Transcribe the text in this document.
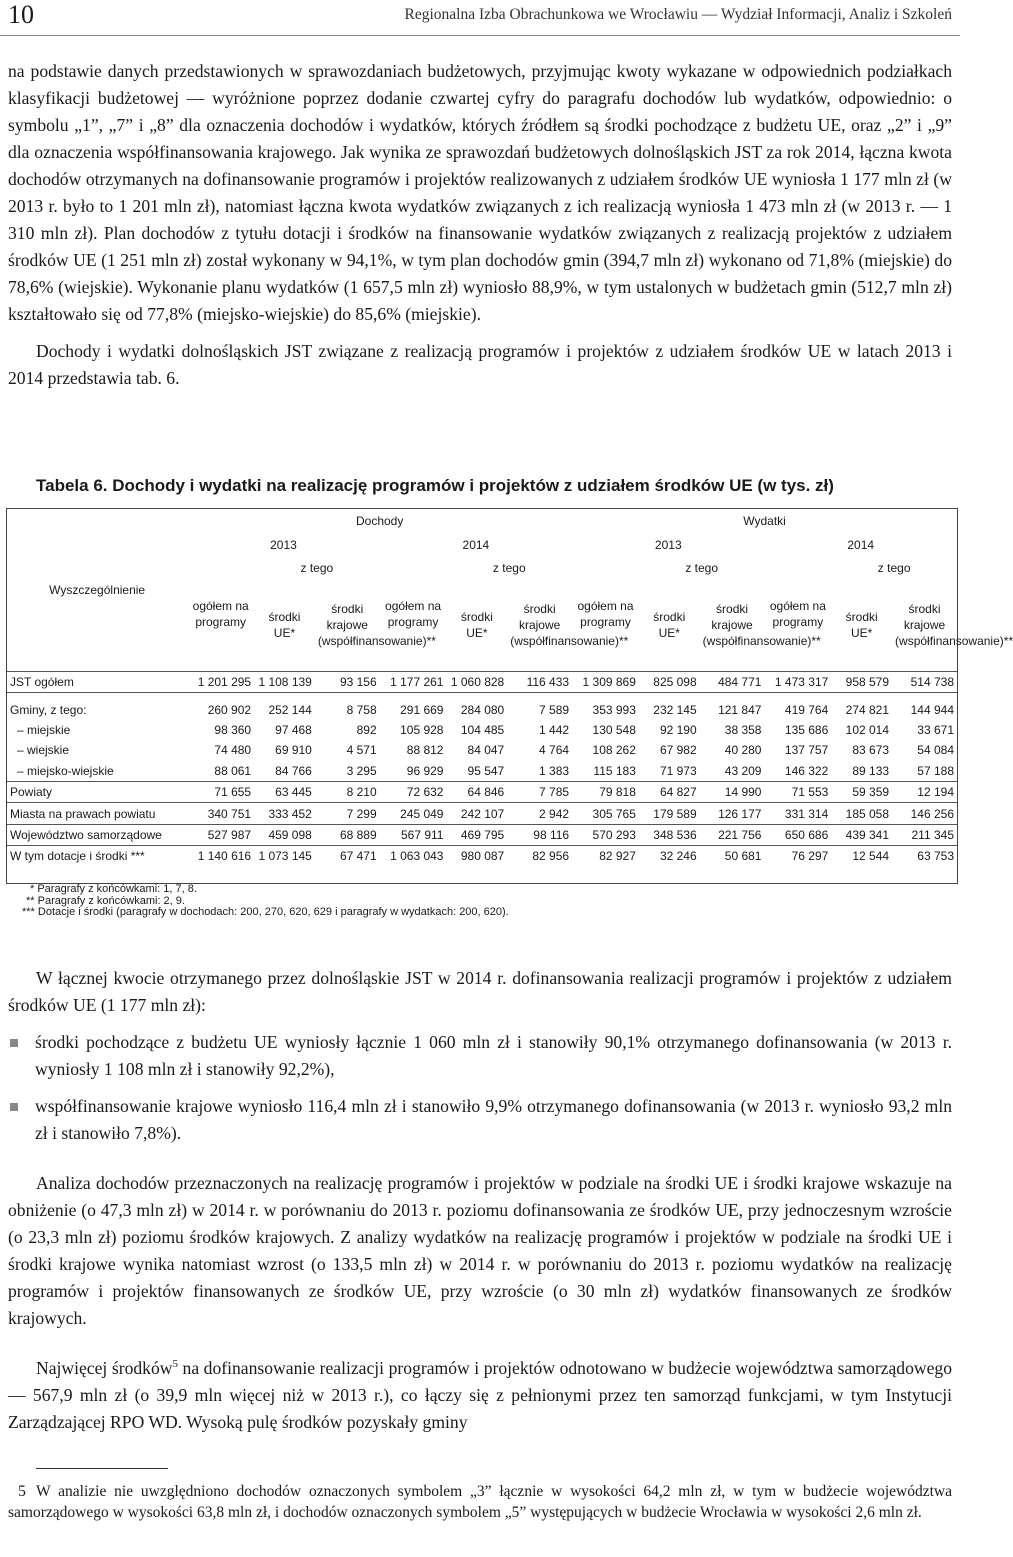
10	Regionalna Izba Obrachunkowa we Wrocławiu — Wydział Informacji, Analiz i Szkoleń

na podstawie danych przedstawionych w sprawozdaniach budżetowych, przyjmując kwoty wykazane w odpowiednich podziałkach klasyfikacji budżetowej — wyróżnione poprzez dodanie czwartej cyfry do paragrafu dochodów lub wydatków, odpowiednio: o symbolu „1”, „7” i „8” dla oznaczenia dochodów i wydatków, których źródłem są środki pochodzące z budżetu UE, oraz „2” i „9” dla oznaczenia współfinansowania krajowego. Jak wynika ze sprawozdań budżetowych dolnośląskich JST za rok 2014, łączna kwota dochodów otrzymanych na dofinansowanie programów i projektów realizowanych z udziałem środków UE wyniosła 1 177 mln zł (w 2013 r. było to 1 201 mln zł), natomiast łączna kwota wydatków związanych z ich realizacją wyniosła 1 473 mln zł (w 2013 r. — 1 310 mln zł). Plan dochodów z tytułu dotacji i środków na finansowanie wydatków związanych z realizacją projektów z udziałem środków UE (1 251 mln zł) został wykonany w 94,1%, w tym plan dochodów gmin (394,7 mln zł) wykonano od 71,8% (miejskie) do 78,6% (wiejskie). Wykonanie planu wydatków (1 657,5 mln zł) wyniosło 88,9%, w tym ustalonych w budżetach gmin (512,7 mln zł) kształtowało się od 77,8% (miejsko-wiejskie) do 85,6% (miejskie).

Dochody i wydatki dolnośląskich JST związane z realizacją programów i projektów z udziałem środków UE w latach 2013 i 2014 przedstawia tab. 6.

Tabela 6. Dochody i wydatki na realizację programów i projektów z udziałem środków UE (w tys. zł)
Wyszczególnienie	Dochody						Wydatki					
	2013			2014			2013			2014		
	ogółem na programy	z tego		ogółem na programy	z tego		ogółem na programy	z tego		ogółem na programy	z tego	
		środki UE*	środki krajowe (współfinansowanie)**		środki UE*	środki krajowe (współfinansowanie)**		środki UE*	środki krajowe (współfinansowanie)**		środki UE*	środki krajowe (współfinansowanie)**
JST ogółem	1 201 295	1 108 139	93 156	1 177 261	1 060 828	116 433	1 309 869	825 098	484 771	1 473 317	958 579	514 738

Gminy, z tego:	260 902	252 144	8 758	291 669	284 080	7 589	353 993	232 145	121 847	419 764	274 821	144 944
– miejskie	98 360	97 468	892	105 928	104 485	1 442	130 548	92 190	38 358	135 686	102 014	33 671
– wiejskie	74 480	69 910	4 571	88 812	84 047	4 764	108 262	67 982	40 280	137 757	83 673	54 084
– miejsko-wiejskie	88 061	84 766	3 295	96 929	95 547	1 383	115 183	71 973	43 209	146 322	89 133	57 188
Powiaty	71 655	63 445	8 210	72 632	64 846	7 785	79 818	64 827	14 990	71 553	59 359	12 194
Miasta na prawach powiatu	340 751	333 452	7 299	245 049	242 107	2 942	305 765	179 589	126 177	331 314	185 058	146 256
Województwo samorządowe	527 987	459 098	68 889	567 911	469 795	98 116	570 293	348 536	221 756	650 686	439 341	211 345
W tym dotacje i środki ***	1 140 616	1 073 145	67 471	1 063 043	980 087	82 956	82 927	32 246	50 681	76 297	12 544	63 753
* Paragrafy z końcówkami: 1, 7, 8.
** Paragrafy z końcówkami: 2, 9.
*** Dotacje i środki (paragrafy w dochodach: 200, 270, 620, 629 i paragrafy w wydatkach: 200, 620).

W łącznej kwocie otrzymanego przez dolnośląskie JST w 2014 r. dofinansowania realizacji programów i projektów z udziałem środków UE (1 177 mln zł):

środki pochodzące z budżetu UE wyniosły łącznie 1 060 mln zł i stanowiły 90,1% otrzymanego dofinansowania (w 2013 r. wyniosły 1 108 mln zł i stanowiły 92,2%),
współfinansowanie krajowe wyniosło 116,4 mln zł i stanowiło 9,9% otrzymanego dofinansowania (w 2013 r. wyniosło 93,2 mln zł i stanowiło 7,8%).

Analiza dochodów przeznaczonych na realizację programów i projektów w podziale na środki UE i środki krajowe wskazuje na obniżenie (o 47,3 mln zł) w 2014 r. w porównaniu do 2013 r. poziomu dofinansowania ze środków UE, przy jednoczesnym wzroście (o 23,3 mln zł) poziomu środków krajowych. Z analizy wydatków na realizację programów i projektów w podziale na środki UE i środki krajowe wynika natomiast wzrost (o 133,5 mln zł) w 2014 r. w porównaniu do 2013 r. poziomu wydatków na realizację programów i projektów finansowanych ze środków UE, przy wzroście (o 30 mln zł) wydatków finansowanych ze środków krajowych.

Najwięcej środków$^5$ na dofinansowanie realizacji programów i projektów odnotowano w budżecie województwa samorządowego — 567,9 mln zł (o 39,9 mln więcej niż w 2013 r.), co łączy się z pełnionymi przez ten samorząd funkcjami, w tym Instytucji Zarządzającej RPO WD. Wysoką pulę środków pozyskały gminy

5 W analizie nie uwzględniono dochodów oznaczonych symbolem „3” łącznie w wysokości 64,2 mln zł, w tym w budżecie województwa samorządowego w wysokości 63,8 mln zł, i dochodów oznaczonych symbolem „5” występujących w budżecie Wrocławia w wysokości 2,6 mln zł.
